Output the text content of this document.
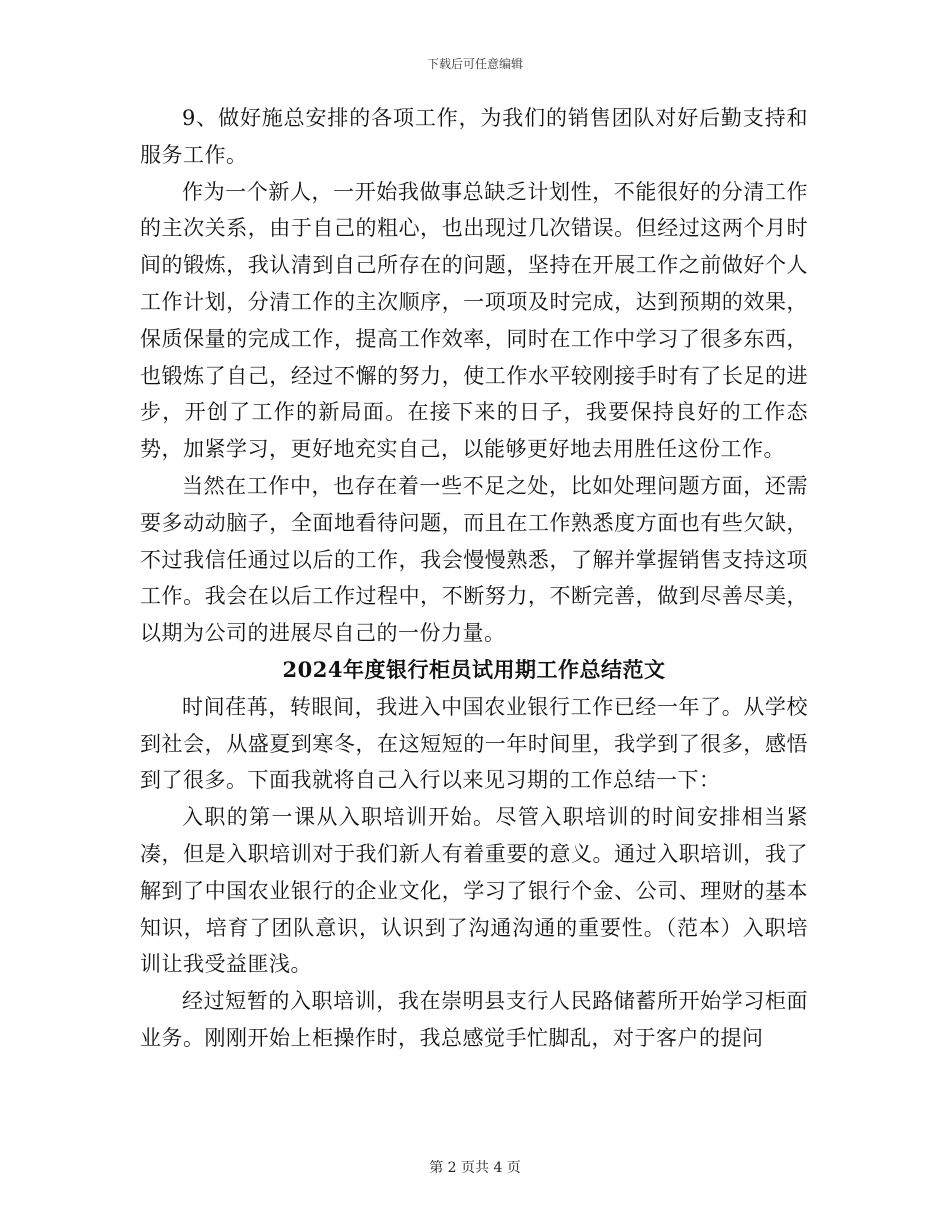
下载后可任意编辑

9、做好施总安排的各项工作，为我们的销售团队对好后勤支持和服务工作。

作为一个新人，一开始我做事总缺乏计划性，不能很好的分清工作的主次关系，由于自己的粗心，也出现过几次错误。但经过这两个月时间的锻炼，我认清到自己所存在的问题，坚持在开展工作之前做好个人工作计划，分清工作的主次顺序，一项项及时完成，达到预期的效果，保质保量的完成工作，提高工作效率，同时在工作中学习了很多东西，也锻炼了自己，经过不懈的努力，使工作水平较刚接手时有了长足的进步，开创了工作的新局面。在接下来的日子，我要保持良好的工作态势，加紧学习，更好地充实自己，以能够更好地去用胜任这份工作。

当然在工作中，也存在着一些不足之处，比如处理问题方面，还需要多动动脑子，全面地看待问题，而且在工作熟悉度方面也有些欠缺，不过我信任通过以后的工作，我会慢慢熟悉，了解并掌握销售支持这项工作。我会在以后工作过程中，不断努力，不断完善，做到尽善尽美，以期为公司的进展尽自己的一份力量。

2024年度银行柜员试用期工作总结范文

时间荏苒，转眼间，我进入中国农业银行工作已经一年了。从学校到社会，从盛夏到寒冬，在这短短的一年时间里，我学到了很多，感悟到了很多。下面我就将自己入行以来见习期的工作总结一下：

入职的第一课从入职培训开始。尽管入职培训的时间安排相当紧凑，但是入职培训对于我们新人有着重要的意义。通过入职培训，我了解到了中国农业银行的企业文化，学习了银行个金、公司、理财的基本知识，培育了团队意识，认识到了沟通沟通的重要性。（范本）入职培训让我受益匪浅。

经过短暂的入职培训，我在崇明县支行人民路储蓄所开始学习柜面业务。刚刚开始上柜操作时，我总感觉手忙脚乱，对于客户的提问

第 2 页共 4 页
